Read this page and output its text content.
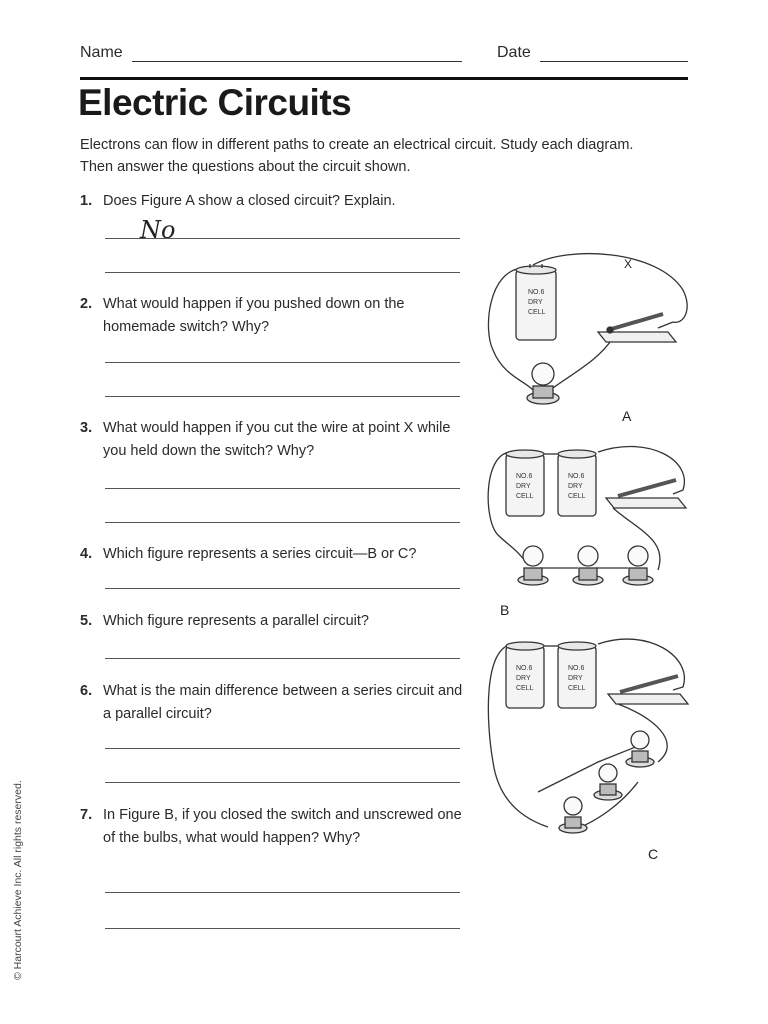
Name	Date
Electric Circuits
Electrons can flow in different paths to create an electrical circuit. Study each diagram. Then answer the questions about the circuit shown.
1. Does Figure A show a closed circuit? Explain.
No
2. What would happen if you pushed down on the homemade switch? Why?
3. What would happen if you cut the wire at point X while you held down the switch? Why?
4. Which figure represents a series circuit—B or C?
5. Which figure represents a parallel circuit?
6. What is the main difference between a series circuit and a parallel circuit?
7. In Figure B, if you closed the switch and unscrewed one of the bulbs, what would happen? Why?
© Harcourt Achieve Inc. All rights reserved.
NO.6
DRY
CELL
X
A
NO.6
DRY
CELL
NO.6
DRY
CELL
B
NO.6
DRY
CELL
NO.6
DRY
CELL
C
